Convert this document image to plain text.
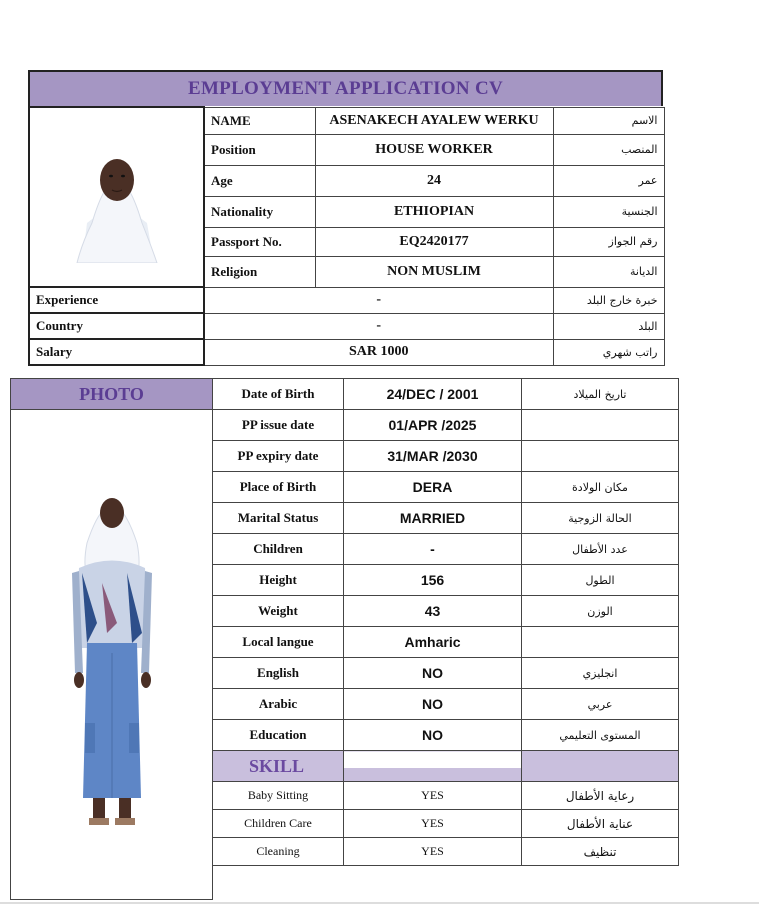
EMPLOYMENT APPLICATION CV
	NAME	ASENAKECH AYALEW WERKU	الاسم
	Position	HOUSE WORKER	المنصب
	Age	24	عمر
	Nationality	ETHIOPIAN	الجنسية
	Passport No.	EQ2420177	رقم الجواز
	Religion	NON MUSLIM	الديانة
Experience	-		خبرة خارج البلد
Country	-		البلد
Salary	SAR 1000		راتب شهري
PHOTO	Date of Birth	24/DEC / 2001	تاريخ الميلاد
	PP issue date	01/APR /2025	
	PP expiry date	31/MAR /2030	
	Place of Birth	DERA	مكان الولادة
	Marital Status	MARRIED	الحالة الزوجية
	Children	-	عدد الأطفال
	Height	156	الطول
	Weight	43	الوزن
	Local langue	Amharic	
	English	NO	انجليزي
	Arabic	NO	عربي
	Education	NO	المستوى التعليمي
	SKILL		
	Baby Sitting	YES	رعاية الأطفال
	Children Care	YES	عناية الأطفال
	Cleaning	YES	تنظيف
